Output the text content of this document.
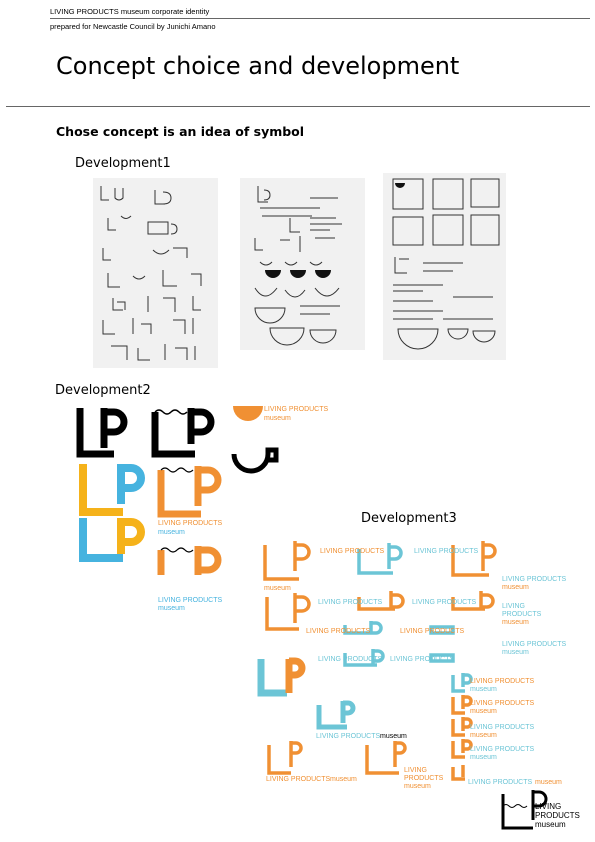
LIVING PRODUCTS museum corporate identity
prepared for Newcastle Council by Junichi Amano
Concept choice and development
Chose concept is an idea of symbol
Development1
Development2
LIVING PRODUCTS
museum
LIVING PRODUCTS
museum
LIVING PRODUCTS
museum
Development3
museum
LIVING PRODUCTS	LIVING PRODUCTS
LIVING PRODUCTS
museum
LIVING PRODUCTS	LIVING PRODUCTS
LIVING
PRODUCTS
museum
LIVING PRODUCTS	LIVING PRODUCTS
LIVING PRODUCTS
museum
LIVING PRODUCTS LIVING PRODUCTS
LIVING PRODUCTS
museum
LIVING PRODUCTS
museum
LIVING PRODUCTS
museum
LIVING PRODUCTS
museum
LIVING PRODUCTS museum
LIVING PRODUCTS museum
LIVING PRODUCTS museum
LIVING
PRODUCTS
museum
LIVING
PRODUCTS
museum
